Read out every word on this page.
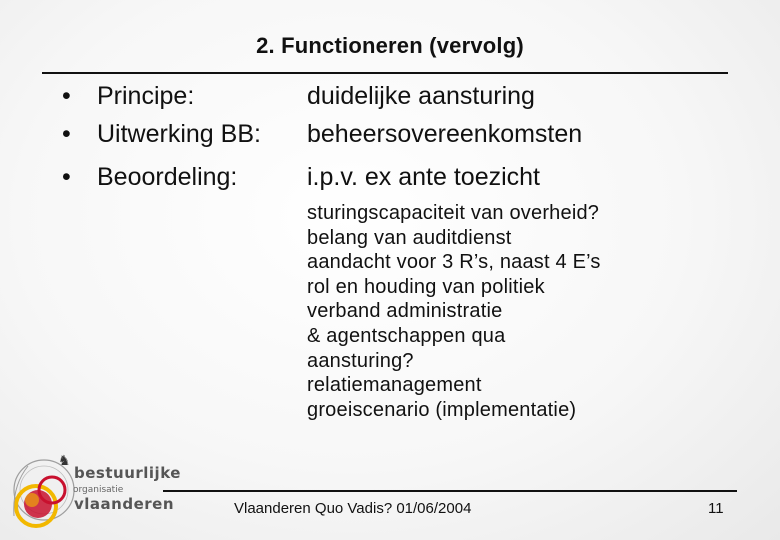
2. Functioneren (vervolg)
• Principe:	duidelijke aansturing
• Uitwerking BB: beheersovereenkomsten
• Beoordeling:	i.p.v. ex ante toezicht
sturingscapaciteit van overheid?
belang van auditdienst
aandacht voor 3 R’s, naast 4 E’s
rol en houding van politiek
verband administratie
& agentschappen qua
aansturing?
relatiemanagement
groeiscenario (implementatie)
♞
bestuurlijke
organisatie
vlaanderen	Vlaanderen Quo Vadis? 01/06/2004	11
